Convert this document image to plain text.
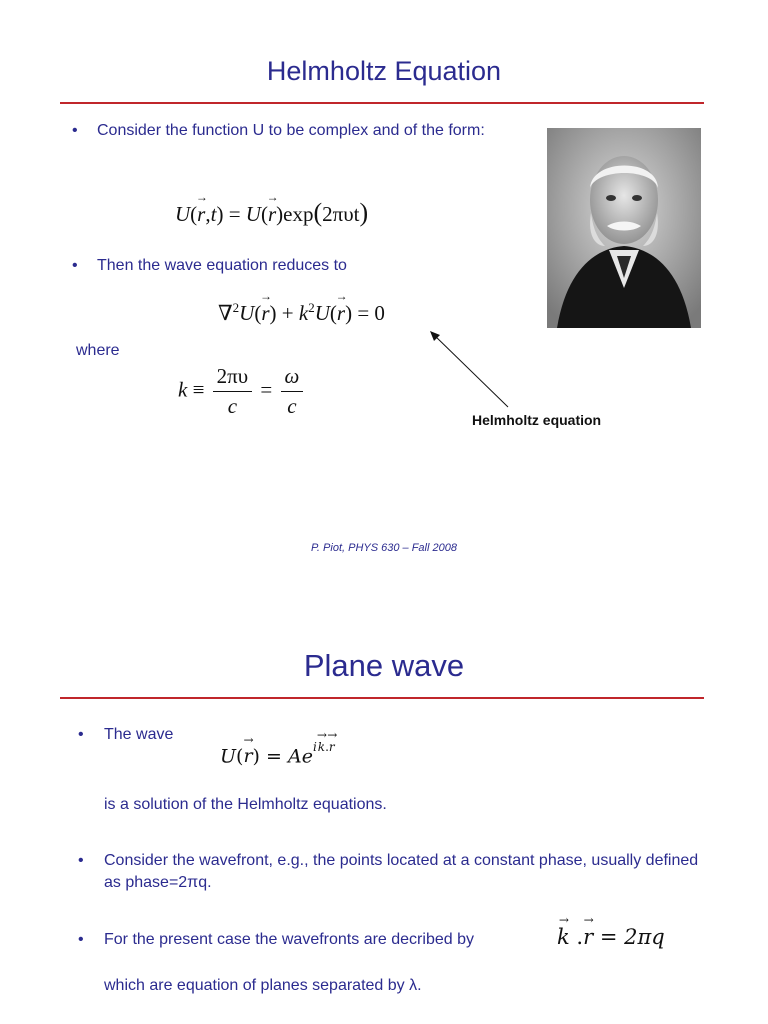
Helmholtz Equation
• Consider the function U to be complex and of the form:
U(→ r,t) = U(→ r)exp(2πυt)
• Then the wave equation reduces to
$\nabla^2U(\to r) + k^2U(\to r) = 0$
where
$k \equiv \frac{2\pi\upsilon}{c} = \frac{\omega}{c}$
Helmholtz equation
P. Piot, PHYS 630 – Fall 2008
Plane wave
• The wave
$U(\to r) = Ae^{i\to k.\to r}$
is a solution of the Helmholtz equations.
• Consider the wavefront, e.g., the points located at a constant phase, usually defined as phase=2πq.
• For the present case the wavefronts are decribed by
→	k .→ r = 2πq
which are equation of planes separated by λ.
